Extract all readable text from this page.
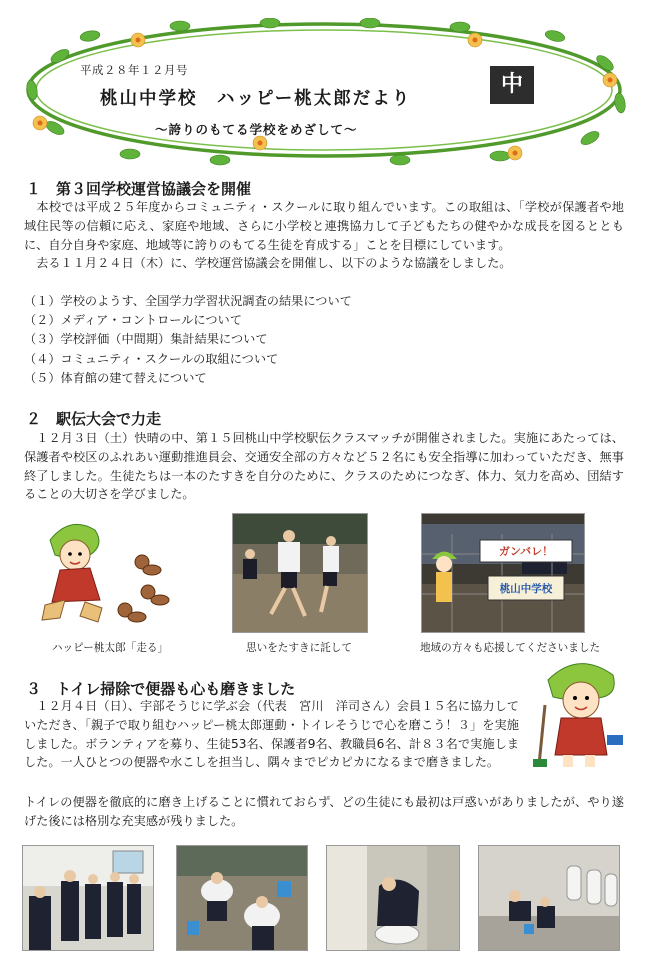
平成２８年１２月号
桃山中学校　ハッピー桃太郎だより
～誇りのもてる学校をめざして～
中
１　第３回学校運営協議会を開催

　本校では平成２５年度からコミュニティ・スクールに取り組んでいます。この取組は、「学校が保護者や地域住民等の信頼に応え、家庭や地域、さらに小学校と連携協力して子どもたちの健やかな成長を図るとともに、自分自身や家庭、地域等に誇りのもてる生徒を育成する」ことを目標にしています。

　去る１１月２４日（木）に、学校運営協議会を開催し、以下のような協議をしました。

（１）学校のようす、全国学力学習状況調査の結果について
（２）メディア・コントロールについて
（３）学校評価（中間期）集計結果について
（４）コミュニティ・スクールの取組について
（５）体育館の建て替えについて
２　駅伝大会で力走
　１２月３日（土）快晴の中、第１５回桃山中学校駅伝クラスマッチが開催されました。実施にあたっては、保護者や校区のふれあい運動推進員会、交通安全部の方々など５２名にも安全指導に加わっていただき、無事終了しました。生徒たちは一本のたすきを自分のために、クラスのためにつなぎ、体力、気力を高め、団結することの大切さを学びました。
ハッピー桃太郎「走る」	思いをたすきに託して
ガンバレ！
桃山中学校
地域の方々も応援してくださいました
３　トイレ掃除で便器も心も磨きました
　１２月４日（日）、宇部そうじに学ぶ会（代表　宮川　洋司さん）会員１５名に協力していただき、「親子で取り組むハッピー桃太郎運動・トイレそうじで心を磨こう！３」を実施しました。ボランティアを募り、生徒53名、保護者9名、教職員6名、計８３名で実施しました。一人ひとつの便器や水こしを担当し、隅々までピカピカになるまで磨きました。
トイレの便器を徹底的に磨き上げることに慣れておらず、どの生徒にも最初は戸惑いがありましたが、やり遂げた後には格別な充実感が残りました。
